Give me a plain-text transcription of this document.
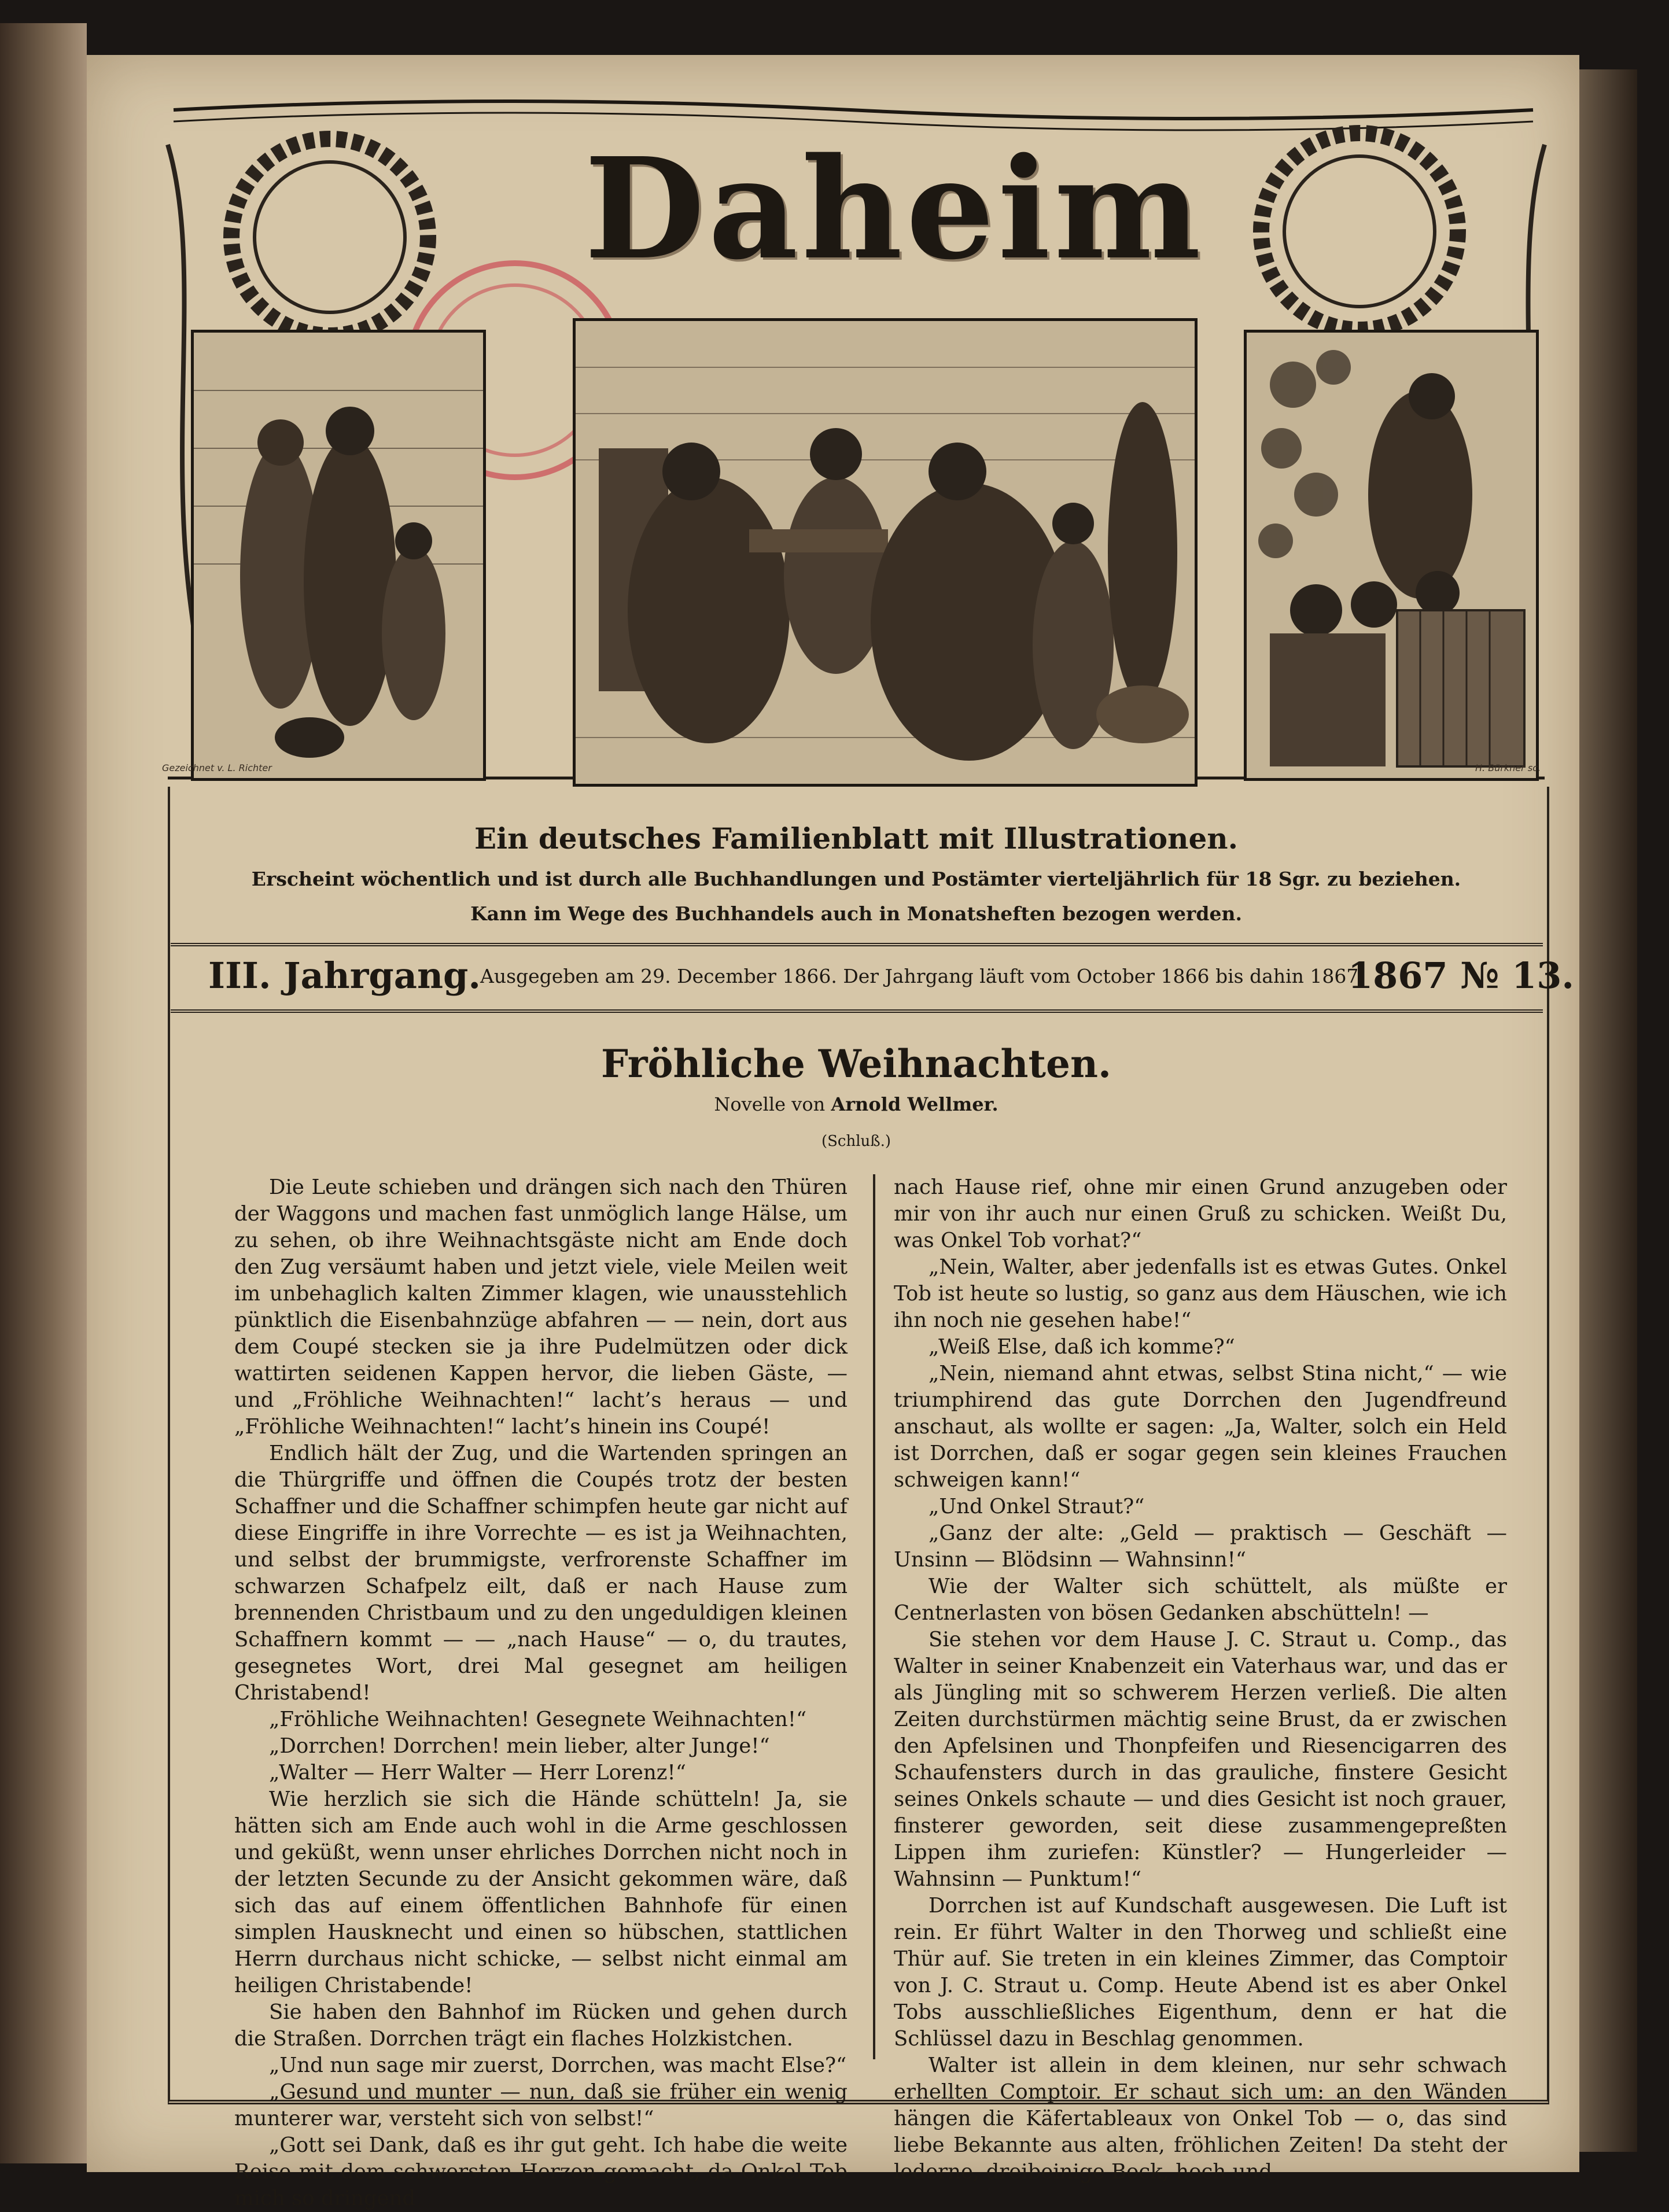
Daheim
Gezeichnet v. L. Richter	H. Bürkner sc.
Ein deutsches Familienblatt mit Illustrationen.
Erscheint wöchentlich und ist durch alle Buchhandlungen und Postämter vierteljährlich für 18 Sgr. zu beziehen.
Kann im Wege des Buchhandels auch in Monatsheften bezogen werden.
III. Jahrgang. Ausgegeben am 29. December 1866. Der Jahrgang läuft vom October 1866 bis dahin 1867.
1867 № 13.
Fröhliche Weihnachten.
Novelle von Arnold Wellmer.
(Schluß.)

Die Leute schieben und drängen sich nach den Thüren der Waggons und machen fast unmöglich lange Hälse, um zu sehen, ob ihre Weihnachtsgäste nicht am Ende doch den Zug versäumt haben und jetzt viele, viele Meilen weit im unbehaglich kalten Zimmer klagen, wie unausstehlich pünktlich die Eisenbahnzüge abfahren — — nein, dort aus dem Coupé stecken sie ja ihre Pudelmützen oder dick wattirten seidenen Kappen hervor, die lieben Gäste, — und „Fröhliche Weihnachten!“ lacht’s heraus — und „Fröhliche Weihnachten!“ lacht’s hinein ins Coupé!

Endlich hält der Zug, und die Wartenden springen an die Thürgriffe und öffnen die Coupés trotz der besten Schaffner und die Schaffner schimpfen heute gar nicht auf diese Eingriffe in ihre Vorrechte — es ist ja Weihnachten, und selbst der brummigste, verfrorenste Schaffner im schwarzen Schafpelz eilt, daß er nach Hause zum brennenden Christbaum und zu den ungeduldigen kleinen Schaffnern kommt — — „nach Hause“ — o, du trautes, gesegnetes Wort, drei Mal gesegnet am heiligen Christabend!

„Fröhliche Weihnachten! Gesegnete Weihnachten!“

„Dorrchen! Dorrchen! mein lieber, alter Junge!“

„Walter — Herr Walter — Herr Lorenz!“

Wie herzlich sie sich die Hände schütteln! Ja, sie hätten sich am Ende auch wohl in die Arme geschlossen und geküßt, wenn unser ehrliches Dorrchen nicht noch in der letzten Secunde zu der Ansicht gekommen wäre, daß sich das auf einem öffentlichen Bahnhofe für einen simplen Hausknecht und einen so hübschen, stattlichen Herrn durchaus nicht schicke, — selbst nicht einmal am heiligen Christabende!

Sie haben den Bahnhof im Rücken und gehen durch die Straßen. Dorrchen trägt ein flaches Holzkistchen.

„Und nun sage mir zuerst, Dorrchen, was macht Else?“

„Gesund und munter — nun, daß sie früher ein wenig munterer war, versteht sich von selbst!“

„Gott sei Dank, daß es ihr gut geht. Ich habe die weite Reise mit dem schwersten Herzen gemacht, da Onkel Tob mich so dringend

nach Hause rief, ohne mir einen Grund anzugeben oder mir von ihr auch nur einen Gruß zu schicken. Weißt Du, was Onkel Tob vorhat?“

„Nein, Walter, aber jedenfalls ist es etwas Gutes. Onkel Tob ist heute so lustig, so ganz aus dem Häuschen, wie ich ihn noch nie gesehen habe!“

„Weiß Else, daß ich komme?“

„Nein, niemand ahnt etwas, selbst Stina nicht,“ — wie triumphirend das gute Dorrchen den Jugendfreund anschaut, als wollte er sagen: „Ja, Walter, solch ein Held ist Dorrchen, daß er sogar gegen sein kleines Frauchen schweigen kann!“

„Und Onkel Straut?“

„Ganz der alte: „Geld — praktisch — Geschäft — Unsinn — Blödsinn — Wahnsinn!“

Wie der Walter sich schüttelt, als müßte er Centnerlasten von bösen Gedanken abschütteln! —

Sie stehen vor dem Hause J. C. Straut u. Comp., das Walter in seiner Knabenzeit ein Vaterhaus war, und das er als Jüngling mit so schwerem Herzen verließ. Die alten Zeiten durchstürmen mächtig seine Brust, da er zwischen den Apfelsinen und Thonpfeifen und Riesencigarren des Schaufensters durch in das grauliche, finstere Gesicht seines Onkels schaute — und dies Gesicht ist noch grauer, finsterer geworden, seit diese zusammengepreßten Lippen ihm zuriefen: Künstler? — Hungerleider — Wahnsinn — Punktum!“

Dorrchen ist auf Kundschaft ausgewesen. Die Luft ist rein. Er führt Walter in den Thorweg und schließt eine Thür auf. Sie treten in ein kleines Zimmer, das Comptoir von J. C. Straut u. Comp. Heute Abend ist es aber Onkel Tobs ausschließliches Eigenthum, denn er hat die Schlüssel dazu in Beschlag genommen.

Walter ist allein in dem kleinen, nur sehr schwach erhellten Comptoir. Er schaut sich um: an den Wänden hängen die Käfertableaux von Onkel Tob — o, das sind liebe Bekannte aus alten, fröhlichen Zeiten! Da steht der lederne, dreibeinige Bock, hoch und
